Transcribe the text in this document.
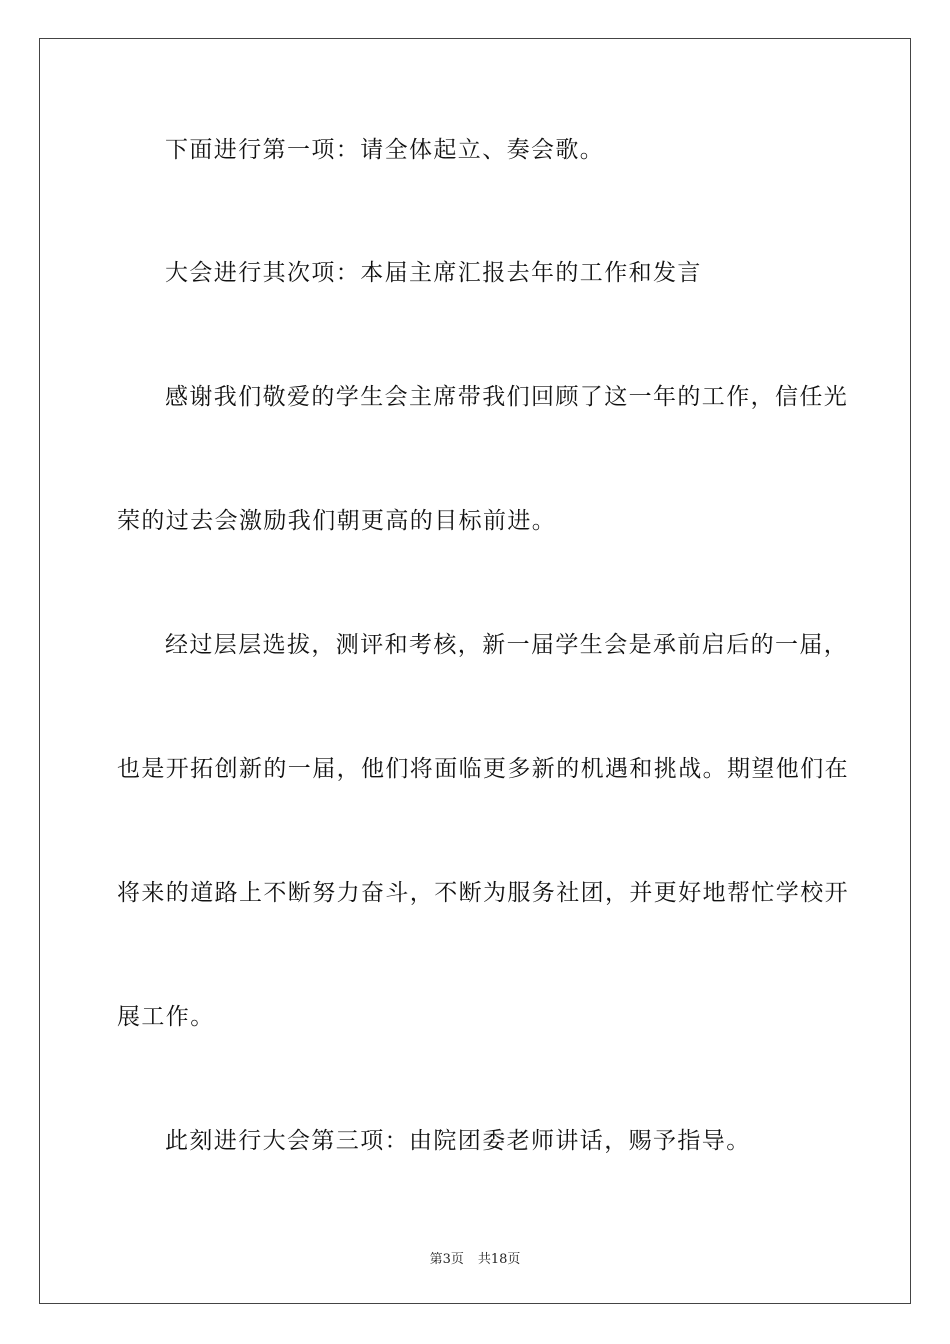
下面进行第一项：请全体起立、奏会歌。
大会进行其次项：本届主席汇报去年的工作和发言
感谢我们敬爱的学生会主席带我们回顾了这一年的工作，信任光
荣的过去会激励我们朝更高的目标前进。
经过层层选拔，测评和考核，新一届学生会是承前启后的一届，
也是开拓创新的一届，他们将面临更多新的机遇和挑战。期望他们在
将来的道路上不断努力奋斗，不断为服务社团，并更好地帮忙学校开
展工作。
此刻进行大会第三项：由院团委老师讲话，赐予指导。
第3页 共18页
